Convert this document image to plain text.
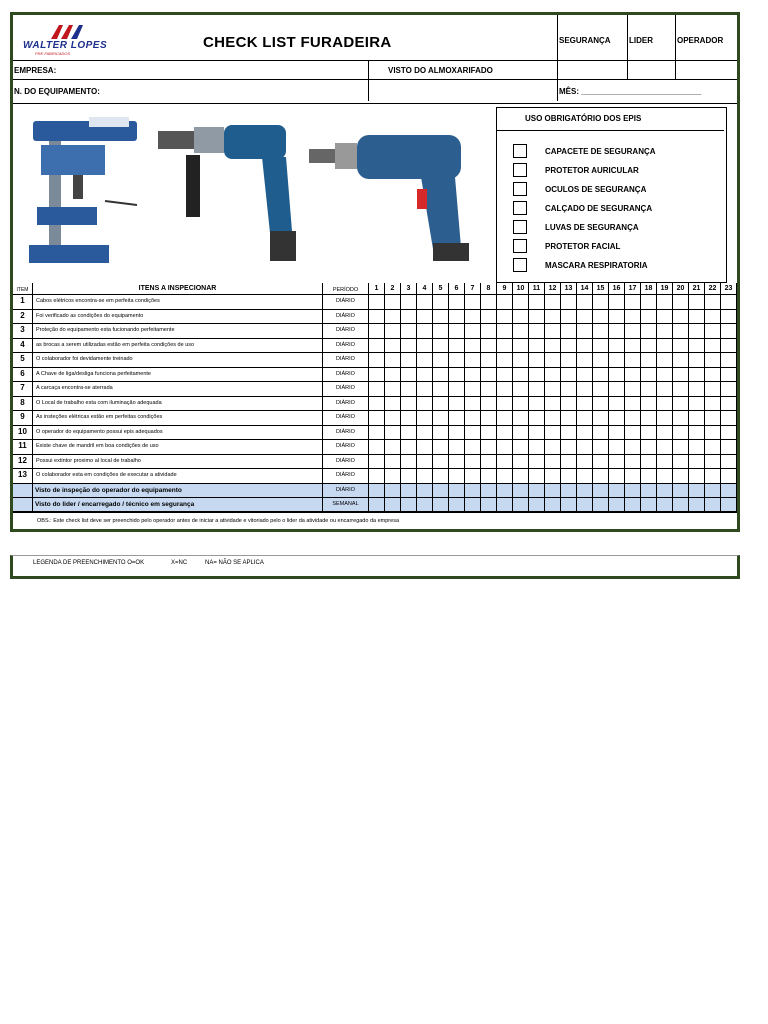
WALTER LOPES
PRE FABRICADOS
CHECK LIST FURADEIRA	SEGURANÇA LIDER	OPERADOR
EMPRESA:	VISTO DO ALMOXARIFADO
N. DO EQUIPAMENTO:	MÊS: ___________________________
USO OBRIGATÓRIO DOS EPIS
CAPACETE DE SEGURANÇA
PROTETOR AURICULAR
OCULOS DE SEGURANÇA
CALÇADO DE SEGURANÇA
LUVAS DE SEGURANÇA
PROTETOR FACIAL
MASCARA RESPIRATORIA
ITEM	ITENS A INSPECIONAR	PERÍODO	1	2	3	4	5	6	7	8	9	10	11	12	13	14	15	16	17	18	19	20	21	22	23
1	Cabos elétricos encontra-se em perfeita condições	DIÁRIO
2	Foi verificado as condições do equipamento	DIÁRIO
3	Proteção do equipamento esta fucionando perfeitamente	DIÁRIO
4	as brocas a serem utilizadas estão em perfeita condições de uso	DIÁRIO
5	O colaborador foi devidamente treinado	DIÁRIO
6	A Chave de liga/desliga funciona perfeitamente	DIÁRIO
7	A carcaça encontra-se aterrada	DIÁRIO
8	O Local de trabalho esta com iluminação adequada	DIÁRIO
9	As insteções elétricas estão em perfeitas condições	DIÁRIO
10	O operador do equipamento possui epis adequados	DIÁRIO
11	Existe chave de mandril em boa condições de uso	DIÁRIO
12	Possui extintor proximo al local de trabalho	DIÁRIO
13	O colaborador esta em condições de executar a atividade	DIÁRIO
Visto de inspeção do operador do equipamento	DIÁRIO
Visto do lider / encarregado / técnico em segurança	SEMANAL
OBS.: Este check list deve ser preenchido pelo operador antes de iniciar a atividade e vitoriado pelo o lider da atividade ou encarregado da empresa
LEGENDA DE PREENCHIMENTO O=OK	X=NC	NA= NÃO SE APLICA
